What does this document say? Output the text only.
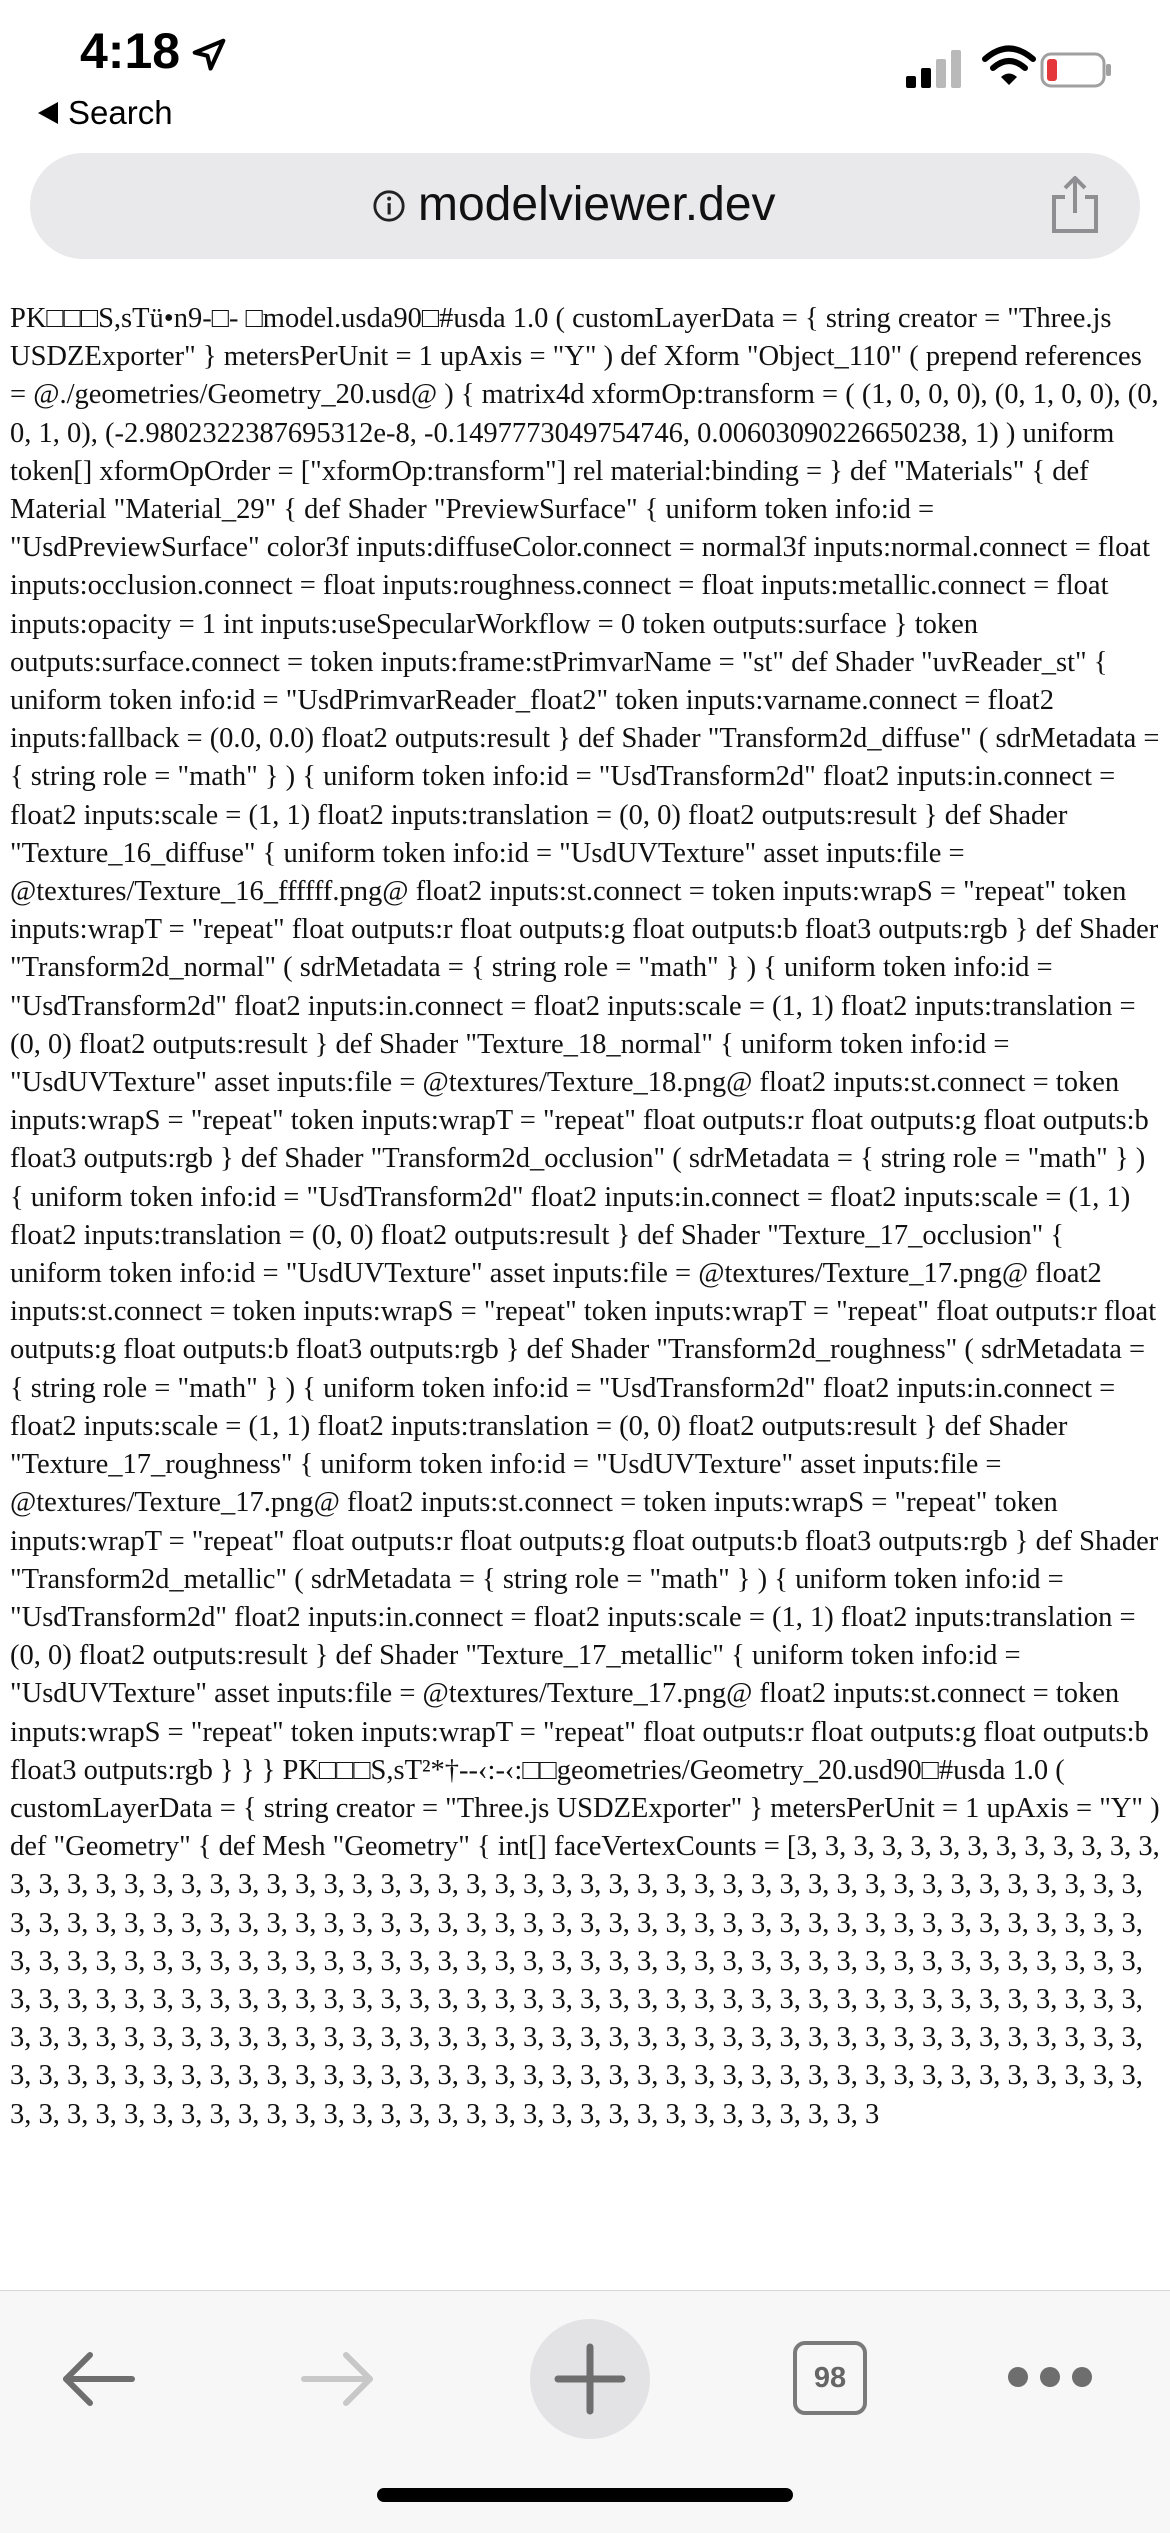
4:18
Search
modelviewer.dev

PK□□□S,sTü•n9-□- □model.usda90□#usda 1.0 ( customLayerData = { string creator = "Three.js USDZExporter" } metersPerUnit = 1 upAxis = "Y" ) def Xform "Object_110" ( prepend references = @./geometries/Geometry_20.usd@ ) { matrix4d xformOp:transform = ( (1, 0, 0, 0), (0, 1, 0, 0), (0, 0, 1, 0), (-2.9802322387695312e-8, -0.1497773049754746, 0.00603090226650238, 1) ) uniform token[] xformOpOrder = ["xformOp:transform"] rel material:binding = } def "Materials" { def Material "Material_29" { def Shader "PreviewSurface" { uniform token info:id = "UsdPreviewSurface" color3f inputs:diffuseColor.connect = normal3f inputs:normal.connect = float inputs:occlusion.connect = float inputs:roughness.connect = float inputs:metallic.connect = float inputs:opacity = 1 int inputs:useSpecularWorkflow = 0 token outputs:surface } token outputs:surface.connect = token inputs:frame:stPrimvarName = "st" def Shader "uvReader_st" { uniform token info:id = "UsdPrimvarReader_float2" token inputs:varname.connect = float2 inputs:fallback = (0.0, 0.0) float2 outputs:result } def Shader "Transform2d_diffuse" ( sdrMetadata = { string role = "math" } ) { uniform token info:id = "UsdTransform2d" float2 inputs:in.connect = float2 inputs:scale = (1, 1) float2 inputs:translation = (0, 0) float2 outputs:result } def Shader "Texture_16_diffuse" { uniform token info:id = "UsdUVTexture" asset inputs:file = @textures/Texture_16_ffffff.png@ float2 inputs:st.connect = token inputs:wrapS = "repeat" token inputs:wrapT = "repeat" float outputs:r float outputs:g float outputs:b float3 outputs:rgb } def Shader "Transform2d_normal" ( sdrMetadata = { string role = "math" } ) { uniform token info:id = "UsdTransform2d" float2 inputs:in.connect = float2 inputs:scale = (1, 1) float2 inputs:translation = (0, 0) float2 outputs:result } def Shader "Texture_18_normal" { uniform token info:id = "UsdUVTexture" asset inputs:file = @textures/Texture_18.png@ float2 inputs:st.connect = token inputs:wrapS = "repeat" token inputs:wrapT = "repeat" float outputs:r float outputs:g float outputs:b float3 outputs:rgb } def Shader "Transform2d_occlusion" ( sdrMetadata = { string role = "math" } ) { uniform token info:id = "UsdTransform2d" float2 inputs:in.connect = float2 inputs:scale = (1, 1) float2 inputs:translation = (0, 0) float2 outputs:result } def Shader "Texture_17_occlusion" { uniform token info:id = "UsdUVTexture" asset inputs:file = @textures/Texture_17.png@ float2 inputs:st.connect = token inputs:wrapS = "repeat" token inputs:wrapT = "repeat" float outputs:r float outputs:g float outputs:b float3 outputs:rgb } def Shader "Transform2d_roughness" ( sdrMetadata = { string role = "math" } ) { uniform token info:id = "UsdTransform2d" float2 inputs:in.connect = float2 inputs:scale = (1, 1) float2 inputs:translation = (0, 0) float2 outputs:result } def Shader "Texture_17_roughness" { uniform token info:id = "UsdUVTexture" asset inputs:file = @textures/Texture_17.png@ float2 inputs:st.connect = token inputs:wrapS = "repeat" token inputs:wrapT = "repeat" float outputs:r float outputs:g float outputs:b float3 outputs:rgb } def Shader "Transform2d_metallic" ( sdrMetadata = { string role = "math" } ) { uniform token info:id = "UsdTransform2d" float2 inputs:in.connect = float2 inputs:scale = (1, 1) float2 inputs:translation = (0, 0) float2 outputs:result } def Shader "Texture_17_metallic" { uniform token info:id = "UsdUVTexture" asset inputs:file = @textures/Texture_17.png@ float2 inputs:st.connect = token inputs:wrapS = "repeat" token inputs:wrapT = "repeat" float outputs:r float outputs:g float outputs:b float3 outputs:rgb } } } PK□□□S,sT²*†--‹:-‹:□□geometries/Geometry_20.usd90□#usda 1.0 ( customLayerData = { string creator = "Three.js USDZExporter" } metersPerUnit = 1 upAxis = "Y" ) def "Geometry" { def Mesh "Geometry" { int[] faceVertexCounts = [3, 3, 3, 3, 3, 3, 3, 3, 3, 3, 3, 3, 3, 3, 3, 3, 3, 3, 3, 3, 3, 3, 3, 3, 3, 3, 3, 3, 3, 3, 3, 3, 3, 3, 3, 3, 3, 3, 3, 3, 3, 3, 3, 3, 3, 3, 3, 3, 3, 3, 3, 3, 3, 3, 3, 3, 3, 3, 3, 3, 3, 3, 3, 3, 3, 3, 3, 3, 3, 3, 3, 3, 3, 3, 3, 3, 3, 3, 3, 3, 3, 3, 3, 3, 3, 3, 3, 3, 3, 3, 3, 3, 3, 3, 3, 3, 3, 3, 3, 3, 3, 3, 3, 3, 3, 3, 3, 3, 3, 3, 3, 3, 3, 3, 3, 3, 3, 3, 3, 3, 3, 3, 3, 3, 3, 3, 3, 3, 3, 3, 3, 3, 3, 3, 3, 3, 3, 3, 3, 3, 3, 3, 3, 3, 3, 3, 3, 3, 3, 3, 3, 3, 3, 3, 3, 3, 3, 3, 3, 3, 3, 3, 3, 3, 3, 3, 3, 3, 3, 3, 3, 3, 3, 3, 3, 3, 3, 3, 3, 3, 3, 3, 3, 3, 3, 3, 3, 3, 3, 3, 3, 3, 3, 3, 3, 3, 3, 3, 3, 3, 3, 3, 3, 3, 3, 3, 3, 3, 3, 3, 3, 3, 3, 3, 3, 3, 3, 3, 3, 3, 3, 3, 3, 3, 3, 3, 3, 3, 3, 3, 3, 3, 3, 3, 3, 3, 3, 3, 3, 3, 3, 3, 3, 3, 3, 3, 3, 3, 3, 3, 3, 3, 3, 3, 3, 3, 3, 3, 3, 3, 3, 3, 3, 3, 3, 3, 3, 3, 3, 3, 3, 3, 3, 3, 3, 3, 3, 3, 3, 3, 3, 3, 3, 3

98
